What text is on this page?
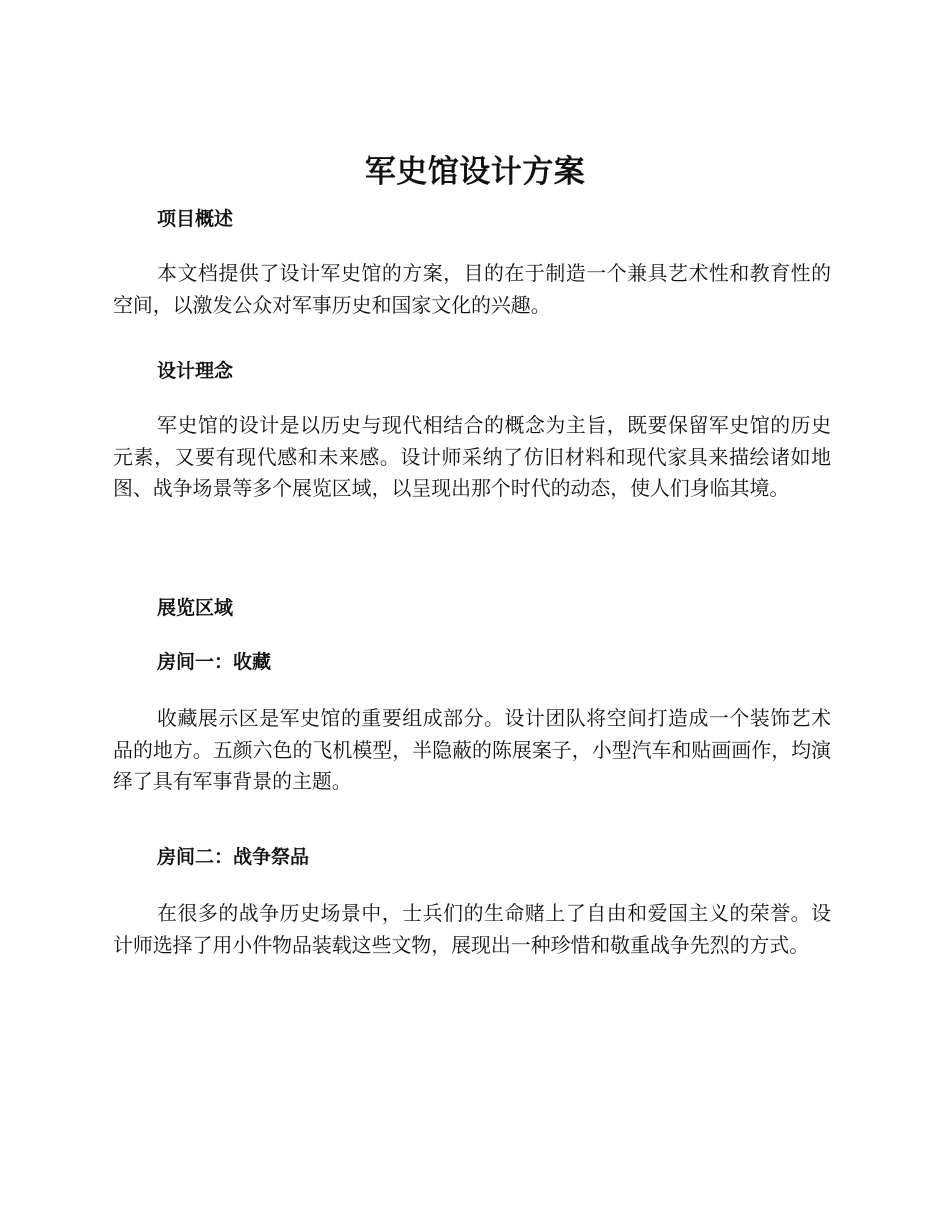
军史馆设计方案
项目概述

本文档提供了设计军史馆的方案，目的在于制造一个兼具艺术性和教育性的空间，以激发公众对军事历史和国家文化的兴趣。

设计理念

军史馆的设计是以历史与现代相结合的概念为主旨，既要保留军史馆的历史元素，又要有现代感和未来感。设计师采纳了仿旧材料和现代家具来描绘诸如地图、战争场景等多个展览区域，以呈现出那个时代的动态，使人们身临其境。

展览区域
房间一：收藏

收藏展示区是军史馆的重要组成部分。设计团队将空间打造成一个装饰艺术品的地方。五颜六色的飞机模型，半隐蔽的陈展案子，小型汽车和贴画画作，均演绎了具有军事背景的主题。

房间二：战争祭品

在很多的战争历史场景中，士兵们的生命赌上了自由和爱国主义的荣誉。设计师选择了用小件物品装载这些文物，展现出一种珍惜和敬重战争先烈的方式。
